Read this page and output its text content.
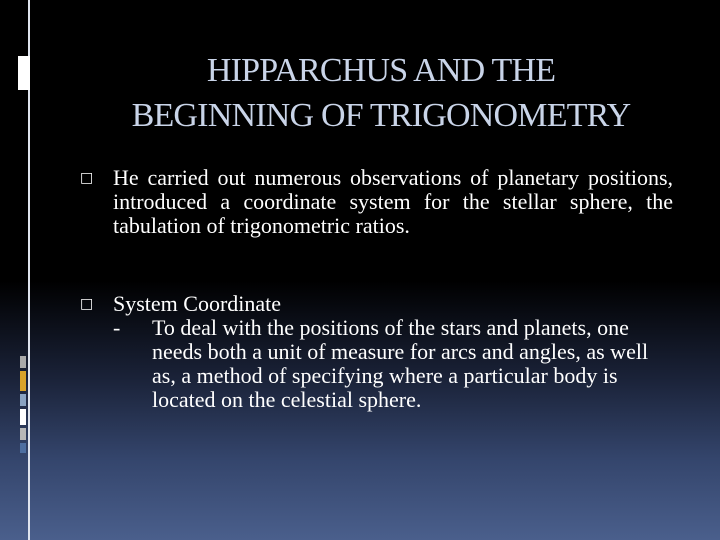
HIPPARCHUS AND THE
BEGINNING OF TRIGONOMETRY
□ He carried out numerous observations of planetary positions, introduced a coordinate system for the stellar sphere, the tabulation of trigonometric ratios.
□ System Coordinate
- To deal with the positions of the stars and planets, one needs both a unit of measure for arcs and angles, as well as, a method of specifying where a particular body is located on the celestial sphere.
